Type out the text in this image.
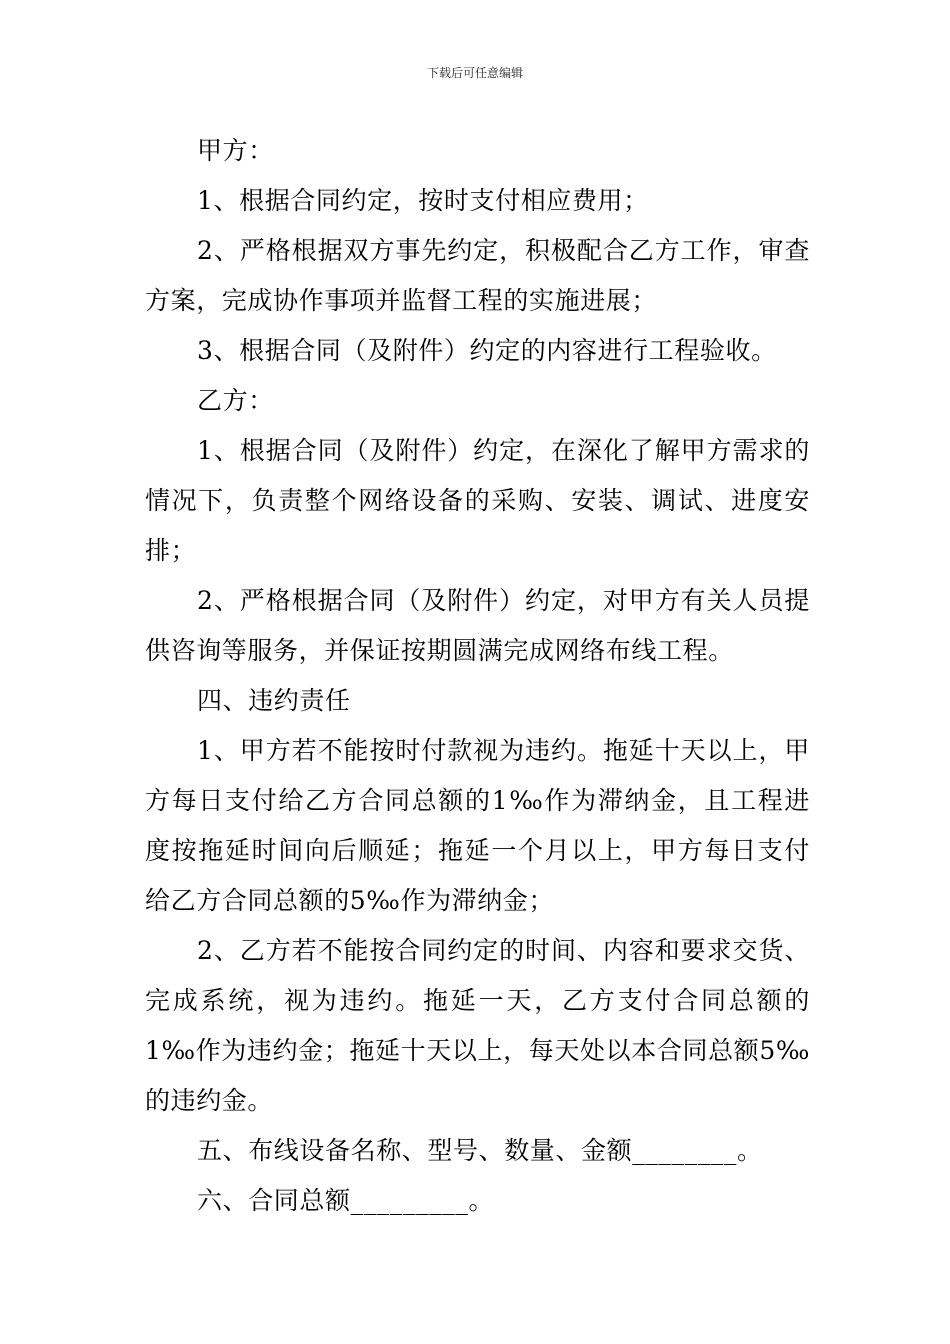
下载后可任意编辑

甲方：

1、根据合同约定，按时支付相应费用；

2、严格根据双方事先约定，积极配合乙方工作，审查方案，完成协作事项并监督工程的实施进展；

3、根据合同（及附件）约定的内容进行工程验收。

乙方：

1、根据合同（及附件）约定，在深化了解甲方需求的情况下，负责整个网络设备的采购、安装、调试、进度安排；

2、严格根据合同（及附件）约定，对甲方有关人员提供咨询等服务，并保证按期圆满完成网络布线工程。

四、违约责任

1、甲方若不能按时付款视为违约。拖延十天以上，甲方每日支付给乙方合同总额的1‰作为滞纳金，且工程进度按拖延时间向后顺延；拖延一个月以上，甲方每日支付给乙方合同总额的5‰作为滞纳金；

2、乙方若不能按合同约定的时间、内容和要求交货、完成系统，视为违约。拖延一天，乙方支付合同总额的1‰作为违约金；拖延十天以上，每天处以本合同总额5‰的违约金。

五、布线设备名称、型号、数量、金额________。

六、合同总额_________。
